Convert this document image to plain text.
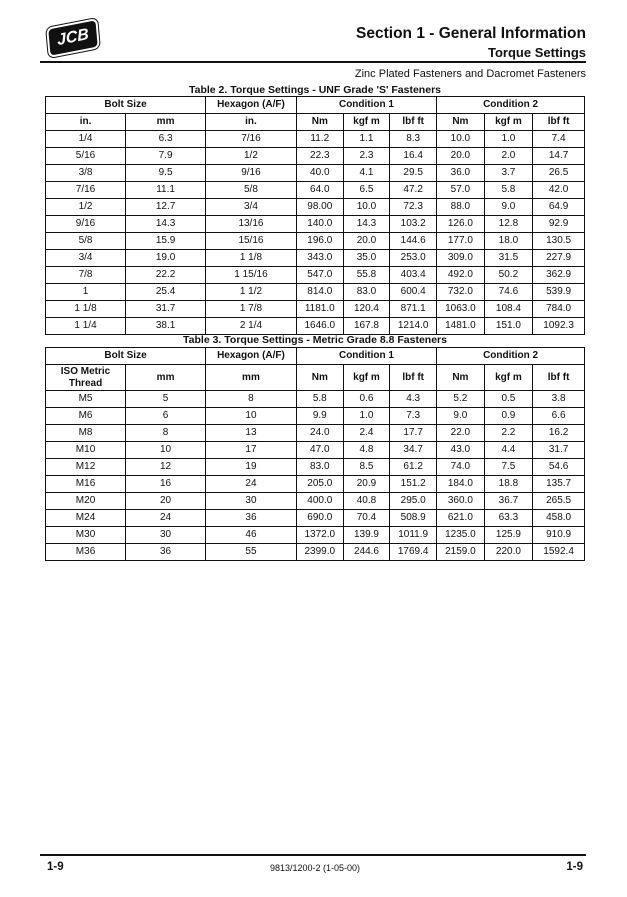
JCB	Section 1 - General Information
Torque Settings
Zinc Plated Fasteners and Dacromet Fasteners
Table 2. Torque Settings - UNF Grade 'S' Fasteners
Bolt Size		Hexagon (A/F)	Condition 1			Condition 2		
in.	mm	in.	Nm	kgf m	lbf ft	Nm	kgf m	lbf ft
1/4	6.3	7/16	11.2	1.1	8.3	10.0	1.0	7.4
5/16	7.9	1/2	22.3	2.3	16.4	20.0	2.0	14.7
3/8	9.5	9/16	40.0	4.1	29.5	36.0	3.7	26.5
7/16	11.1	5/8	64.0	6.5	47.2	57.0	5.8	42.0
1/2	12.7	3/4	98.00	10.0	72.3	88.0	9.0	64.9
9/16	14.3	13/16	140.0	14.3	103.2	126.0	12.8	92.9
5/8	15.9	15/16	196.0	20.0	144.6	177.0	18.0	130.5
3/4	19.0	1 1/8	343.0	35.0	253.0	309.0	31.5	227.9
7/8	22.2	1 15/16	547.0	55.8	403.4	492.0	50.2	362.9
1	25.4	1 1/2	814.0	83.0	600.4	732.0	74.6	539.9
1 1/8	31.7	1 7/8	1181.0	120.4	871.1	1063.0	108.4	784.0
1 1/4	38.1	2 1/4	1646.0	167.8	1214.0	1481.0	151.0	1092.3
Table 3. Torque Settings - Metric Grade 8.8 Fasteners
Bolt Size		Hexagon (A/F)	Condition 1			Condition 2		
ISO Metric Thread	mm	mm	Nm	kgf m	lbf ft	Nm	kgf m	lbf ft
M5	5	8	5.8	0.6	4.3	5.2	0.5	3.8
M6	6	10	9.9	1.0	7.3	9.0	0.9	6.6
M8	8	13	24.0	2.4	17.7	22.0	2.2	16.2
M10	10	17	47.0	4.8	34.7	43.0	4.4	31.7
M12	12	19	83.0	8.5	61.2	74.0	7.5	54.6
M16	16	24	205.0	20.9	151.2	184.0	18.8	135.7
M20	20	30	400.0	40.8	295.0	360.0	36.7	265.5
M24	24	36	690.0	70.4	508.9	621.0	63.3	458.0
M30	30	46	1372.0	139.9	1011.9	1235.0	125.9	910.9
M36	36	55	2399.0	244.6	1769.4	2159.0	220.0	1592.4
1-9	9813/1200-2 (1-05-00)	1-9
